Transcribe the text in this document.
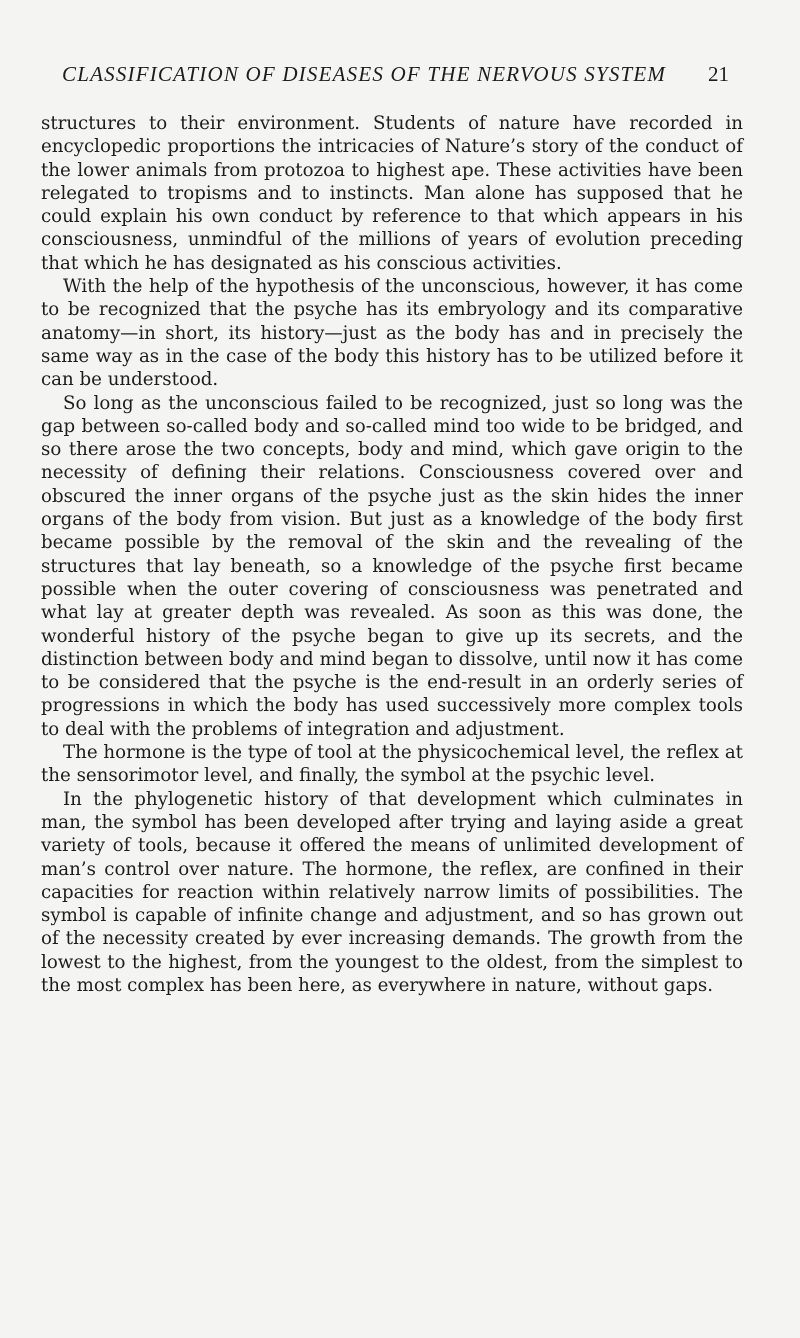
CLASSIFICATION OF DISEASES OF THE NERVOUS SYSTEM 21

structures to their environment. Students of nature have recorded in encyclopedic proportions the intricacies of Nature’s story of the conduct of the lower animals from protozoa to highest ape. These activities have been relegated to tropisms and to instincts. Man alone has supposed that he could explain his own conduct by reference to that which appears in his consciousness, unmindful of the millions of years of evolution preceding that which he has designated as his conscious activities.

With the help of the hypothesis of the unconscious, however, it has come to be recognized that the psyche has its embryology and its comparative anatomy—in short, its history—just as the body has and in precisely the same way as in the case of the body this history has to be utilized before it can be understood.

So long as the unconscious failed to be recognized, just so long was the gap between so-called body and so-called mind too wide to be bridged, and so there arose the two concepts, body and mind, which gave origin to the necessity of defining their relations. Consciousness covered over and obscured the inner organs of the psyche just as the skin hides the inner organs of the body from vision. But just as a knowledge of the body first became possible by the removal of the skin and the revealing of the structures that lay beneath, so a knowledge of the psyche first became possible when the outer covering of consciousness was penetrated and what lay at greater depth was revealed. As soon as this was done, the wonderful history of the psyche began to give up its secrets, and the distinction between body and mind began to dissolve, until now it has come to be considered that the psyche is the end-result in an orderly series of progressions in which the body has used successively more complex tools to deal with the problems of integration and adjustment.

The hormone is the type of tool at the physicochemical level, the reflex at the sensorimotor level, and finally, the symbol at the psychic level.

In the phylogenetic history of that development which culminates in man, the symbol has been developed after trying and laying aside a great variety of tools, because it offered the means of unlimited development of man’s control over nature. The hormone, the reflex, are confined in their capacities for reaction within relatively narrow limits of possibilities. The symbol is capable of infinite change and adjustment, and so has grown out of the necessity created by ever increasing demands. The growth from the lowest to the highest, from the youngest to the oldest, from the simplest to the most complex has been here, as everywhere in nature, without gaps.
